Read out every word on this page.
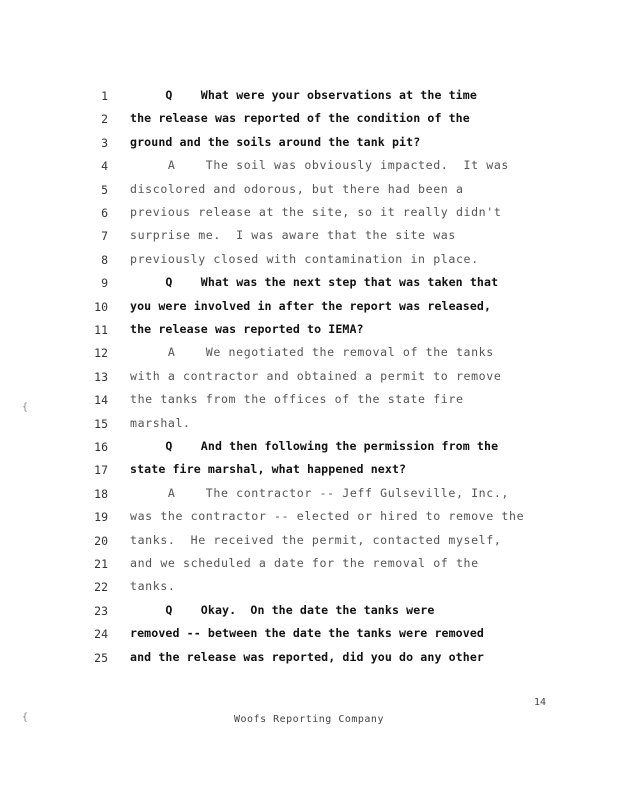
1 Q    What were your observations at the time
2 the release was reported of the condition of the
3 ground and the soils around the tank pit?
4 A    The soil was obviously impacted.  It was
5 discolored and odorous, but there had been a
6 previous release at the site, so it really didn't
7 surprise me.  I was aware that the site was
8 previously closed with contamination in place.
9 Q    What was the next step that was taken that
10 you were involved in after the report was released,
11 the release was reported to IEMA?
12 A    We negotiated the removal of the tanks
13 with a contractor and obtained a permit to remove
14 the tanks from the offices of the state fire
15 marshal.
16 Q    And then following the permission from the
17 state fire marshal, what happened next?
18 A    The contractor -- Jeff Gulseville, Inc.,
19 was the contractor -- elected or hired to remove the
20 tanks.  He received the permit, contacted myself,
21 and we scheduled a date for the removal of the
22 tanks.
23 Q    Okay.  On the date the tanks were
24 removed -- between the date the tanks were removed
25 and the release was reported, did you do any other
{
{
14
Woofs Reporting Company
